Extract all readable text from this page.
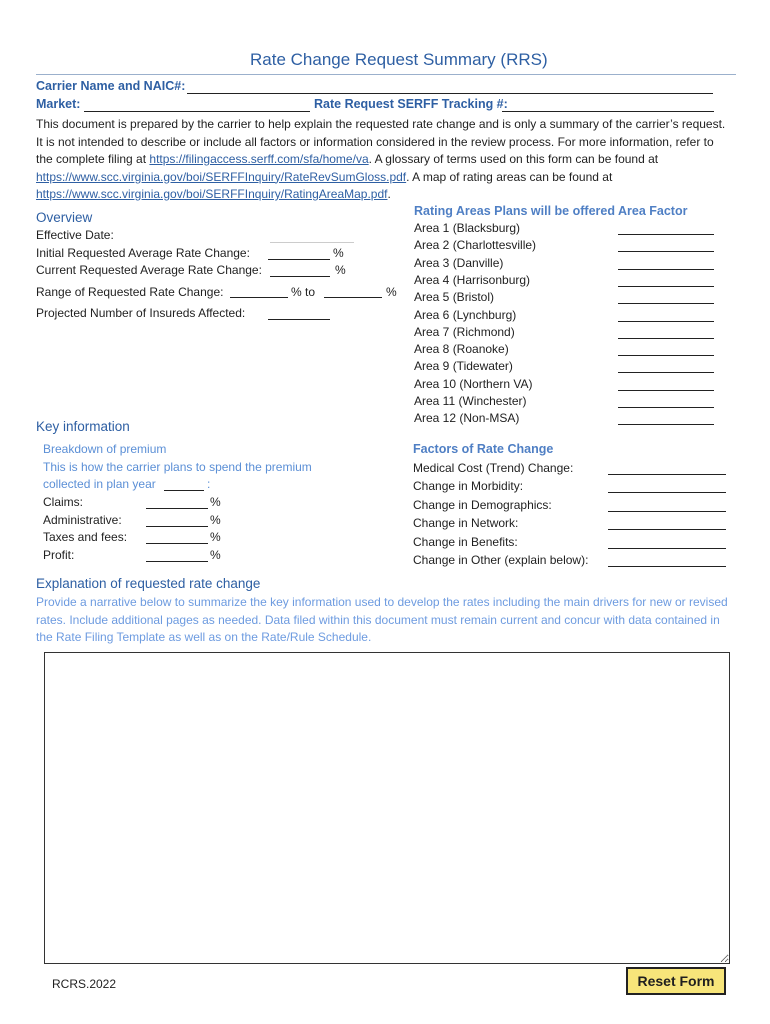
Rate Change Request Summary (RRS)
Carrier Name and NAIC#:
Market:	Rate Request SERFF Tracking #:
This document is prepared by the carrier to help explain the requested rate change and is only a summary of the carrier’s request. It is not intended to describe or include all factors or information considered in the review process. For more information, refer to the complete filing at https://filingaccess.serff.com/sfa/home/va. A glossary of terms used on this form can be found at https://www.scc.virginia.gov/boi/SERFFInquiry/RateRevSumGloss.pdf. A map of rating areas can be found at https://www.scc.virginia.gov/boi/SERFFInquiry/RatingAreaMap.pdf.
Overview
Effective Date:
Initial Requested Average Rate Change:	%
Current Requested Average Rate Change:	%
Range of Requested Rate Change:	% to	%
Projected Number of Insureds Affected:
Rating Areas Plans will be offered Area Factor
Area 1 (Blacksburg)
Area 2 (Charlottesville)
Area 3 (Danville)
Area 4 (Harrisonburg)
Area 5 (Bristol)
Area 6 (Lynchburg)
Area 7 (Richmond)
Area 8 (Roanoke)
Area 9 (Tidewater)
Area 10 (Northern VA)
Area 11 (Winchester)
Area 12 (Non-MSA)
Key information
Breakdown of premium
This is how the carrier plans to spend the premium
collected in plan year	:
Claims:	%
Administrative:	%
Taxes and fees:	%
Profit:	%
Factors of Rate Change
Medical Cost (Trend) Change:
Change in Morbidity:
Change in Demographics:
Change in Network:
Change in Benefits:
Change in Other (explain below):
Explanation of requested rate change
Provide a narrative below to summarize the key information used to develop the rates including the main drivers for new or revised rates. Include additional pages as needed. Data filed within this document must remain current and concur with data contained in the Rate Filing Template as well as on the Rate/Rule Schedule.
RCRS.2022	Reset Form
